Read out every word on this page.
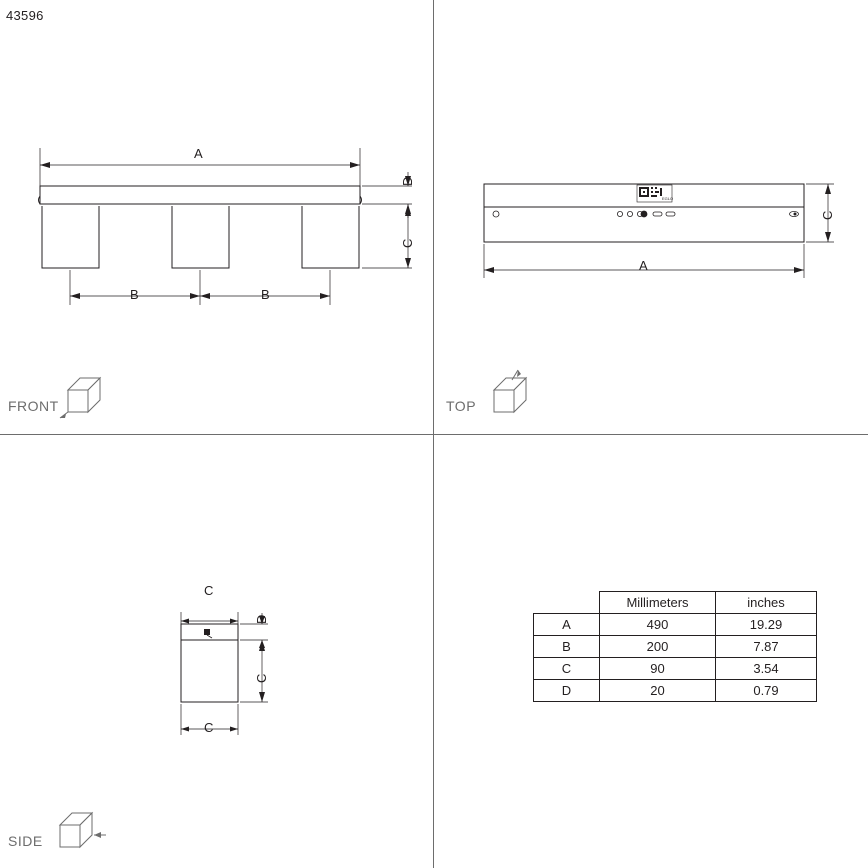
43596
A
B	B
D
C
FRONT
EGLO
A
C
TOP
C
C
D
C
SIDE
	Millimeters	inches
A	490	19.29
B	200	7.87
C	90	3.54
D	20	0.79
